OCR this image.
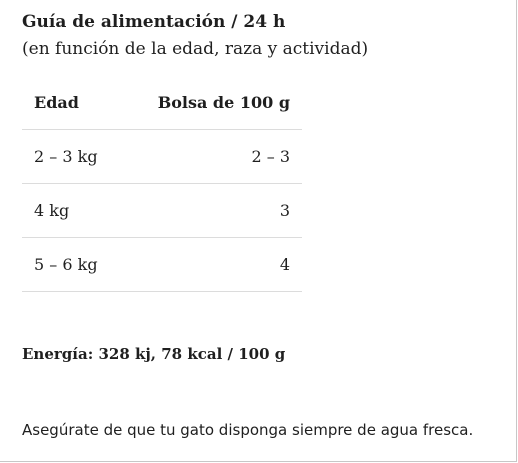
Guía de alimentación / 24 h
(en función de la edad, raza y actividad)
Edad	Bolsa de 100 g
2 – 3 kg	2 – 3
4 kg	3
5 – 6 kg	4
Energía: 328 kj, 78 kcal / 100 g
Asegúrate de que tu gato disponga siempre de agua fresca.
